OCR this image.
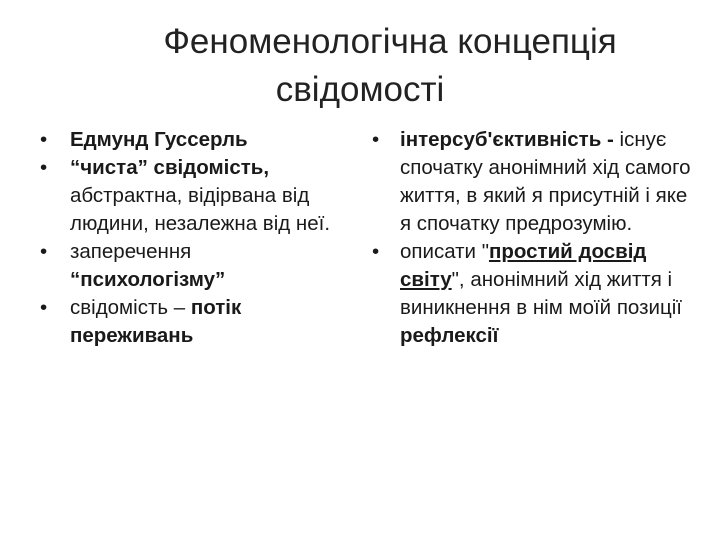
Феноменологічна концепція
свідомості
• Едмунд Гуссерль
• “чиста” свідомість, абстрактна, відірвана від людини, незалежна від неї.
• заперечення “психологізму”
• свідомість – потік переживань
• інтерсуб'єктивність - існує спочатку анонімний хід самого життя, в який я присутній і яке я спочатку предрозумію.
• описати "простий досвід світу", анонімний хід життя і виникнення в нім моїй позиції рефлексії
